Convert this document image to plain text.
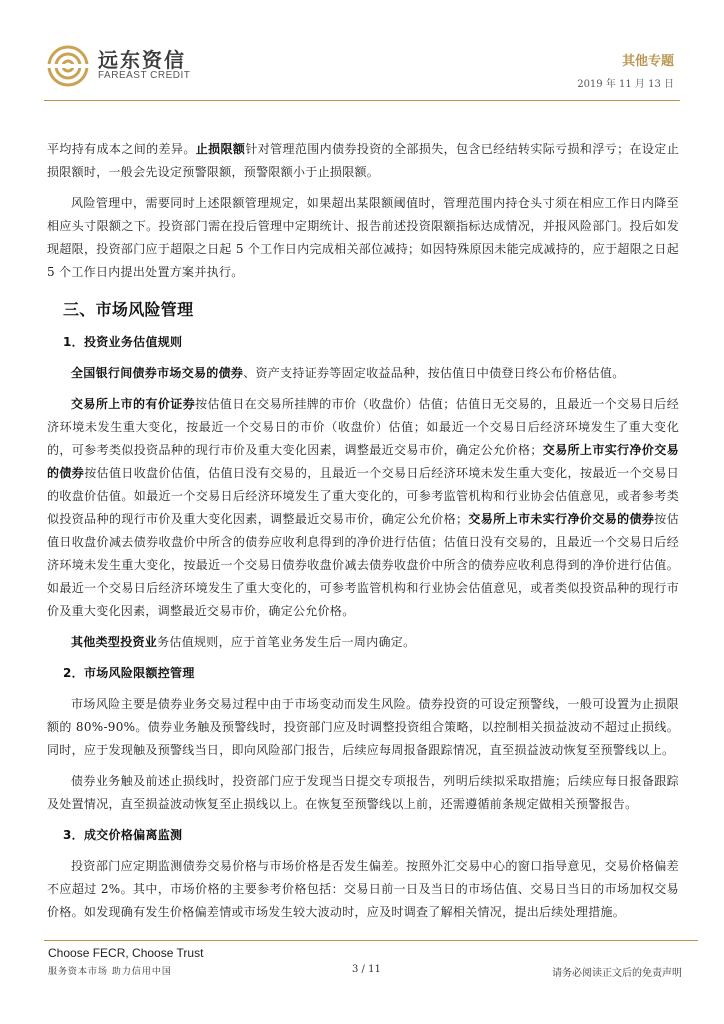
远东资信
FAREAST CREDIT
其他专题
2019 年 11 月 13 日

平均持有成本之间的差异。止损限额针对管理范围内债券投资的全部损失，包含已经结转实际亏损和浮亏；在设定止损限额时，一般会先设定预警限额，预警限额小于止损限额。

风险管理中，需要同时上述限额管理规定，如果超出某限额阈值时，管理范围内持仓头寸须在相应工作日内降至相应头寸限额之下。投资部门需在投后管理中定期统计、报告前述投资限额指标达成情况，并报风险部门。投后如发现超限，投资部门应于超限之日起 5 个工作日内完成相关部位减持；如因特殊原因未能完成减持的，应于超限之日起 5 个工作日内提出处置方案并执行。

三、市场风险管理
1．投资业务估值规则

全国银行间债券市场交易的债券、资产支持证券等固定收益品种，按估值日中债登日终公布价格估值。

交易所上市的有价证券按估值日在交易所挂牌的市价（收盘价）估值；估值日无交易的，且最近一个交易日后经济环境未发生重大变化，按最近一个交易日的市价（收盘价）估值；如最近一个交易日后经济环境发生了重大变化的，可参考类似投资品种的现行市价及重大变化因素，调整最近交易市价，确定公允价格；交易所上市实行净价交易的债券按估值日收盘价估值，估值日没有交易的，且最近一个交易日后经济环境未发生重大变化，按最近一个交易日的收盘价估值。如最近一个交易日后经济环境发生了重大变化的，可参考监管机构和行业协会估值意见，或者参考类似投资品种的现行市价及重大变化因素，调整最近交易市价，确定公允价格；交易所上市未实行净价交易的债券按估值日收盘价减去债券收盘价中所含的债券应收利息得到的净价进行估值；估值日没有交易的，且最近一个交易日后经济环境未发生重大变化，按最近一个交易日债券收盘价减去债券收盘价中所含的债券应收利息得到的净价进行估值。如最近一个交易日后经济环境发生了重大变化的，可参考监管机构和行业协会估值意见，或者类似投资品种的现行市价及重大变化因素，调整最近交易市价，确定公允价格。

其他类型投资业务估值规则，应于首笔业务发生后一周内确定。

2．市场风险限额控管理

市场风险主要是债券业务交易过程中由于市场变动而发生风险。债券投资的可设定预警线，一般可设置为止损限额的 80%-90%。债券业务触及预警线时，投资部门应及时调整投资组合策略，以控制相关损益波动不超过止损线。同时，应于发现触及预警线当日，即向风险部门报告，后续应每周报备跟踪情况，直至损益波动恢复至预警线以上。

债券业务触及前述止损线时，投资部门应于发现当日提交专项报告，列明后续拟采取措施；后续应每日报备跟踪及处置情况，直至损益波动恢复至止损线以上。在恢复至预警线以上前，还需遵循前条规定做相关预警报告。

3．成交价格偏离监测

投资部门应定期监测债券交易价格与市场价格是否发生偏差。按照外汇交易中心的窗口指导意见，交易价格偏差不应超过 2%。其中，市场价格的主要参考价格包括：交易日前一日及当日的市场估值、交易日当日的市场加权交易价格。如发现确有发生价格偏差情或市场发生较大波动时，应及时调查了解相关情况，提出后续处理措施。

Choose FECR, Choose Trust
服务资本市场 助力信用中国	3 / 11	请务必阅读正文后的免责声明
